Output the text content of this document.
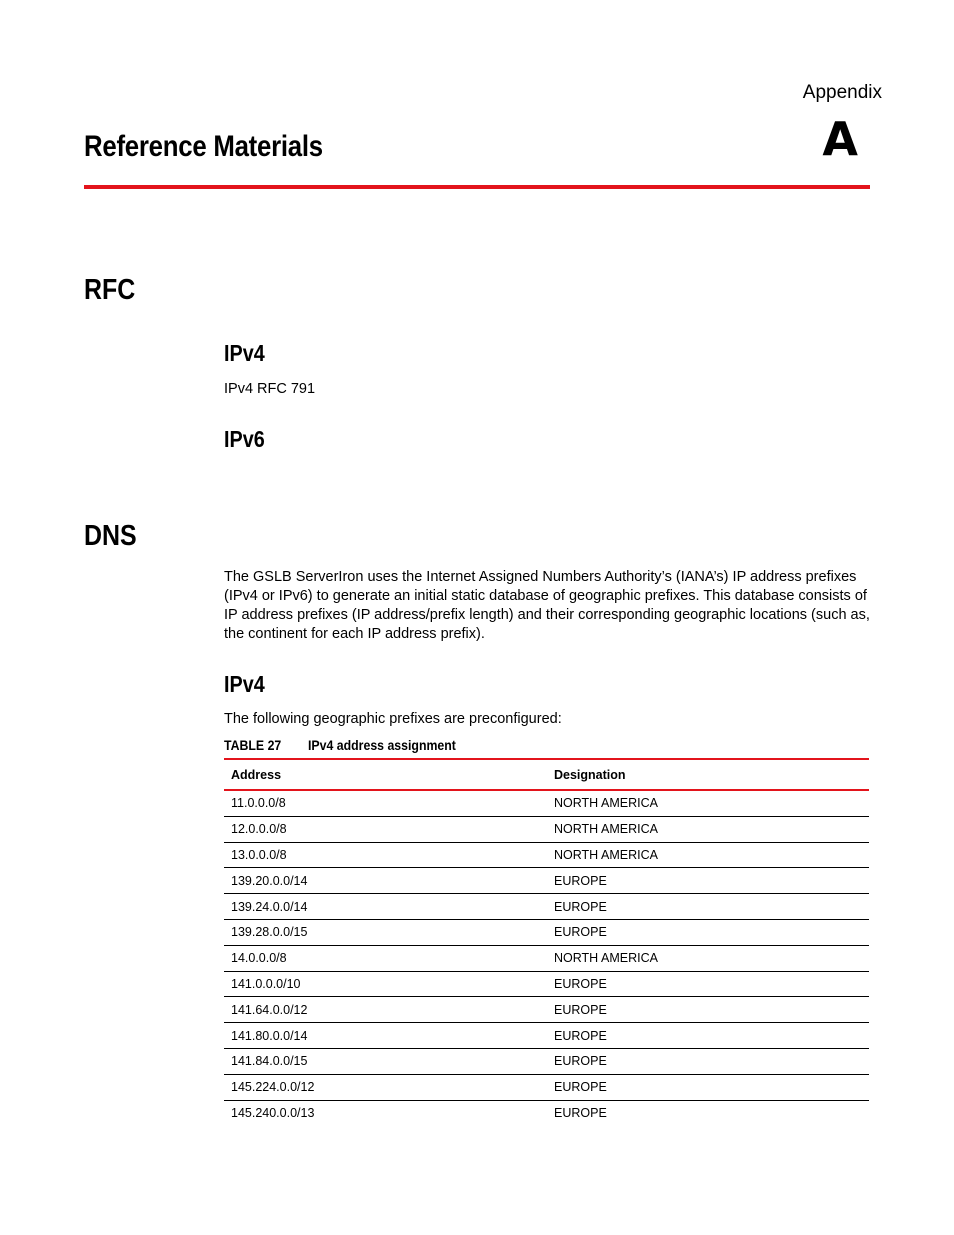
Appendix
A
Reference Materials
RFC
IPv4
IPv4 RFC 791
IPv6
DNS
The GSLB ServerIron uses the Internet Assigned Numbers Authority’s (IANA’s) IP address prefixes (IPv4 or IPv6) to generate an initial static database of geographic prefixes. This database consists of IP address prefixes (IP address/prefix length) and their corresponding geographic locations (such as, the continent for each IP address prefix).
IPv4
The following geographic prefixes are preconfigured:
TABLE 27 IPv4 address assignment
Address	Designation
11.0.0.0/8	NORTH AMERICA
12.0.0.0/8	NORTH AMERICA
13.0.0.0/8	NORTH AMERICA
139.20.0.0/14	EUROPE
139.24.0.0/14	EUROPE
139.28.0.0/15	EUROPE
14.0.0.0/8	NORTH AMERICA
141.0.0.0/10	EUROPE
141.64.0.0/12	EUROPE
141.80.0.0/14	EUROPE
141.84.0.0/15	EUROPE
145.224.0.0/12	EUROPE
145.240.0.0/13	EUROPE
